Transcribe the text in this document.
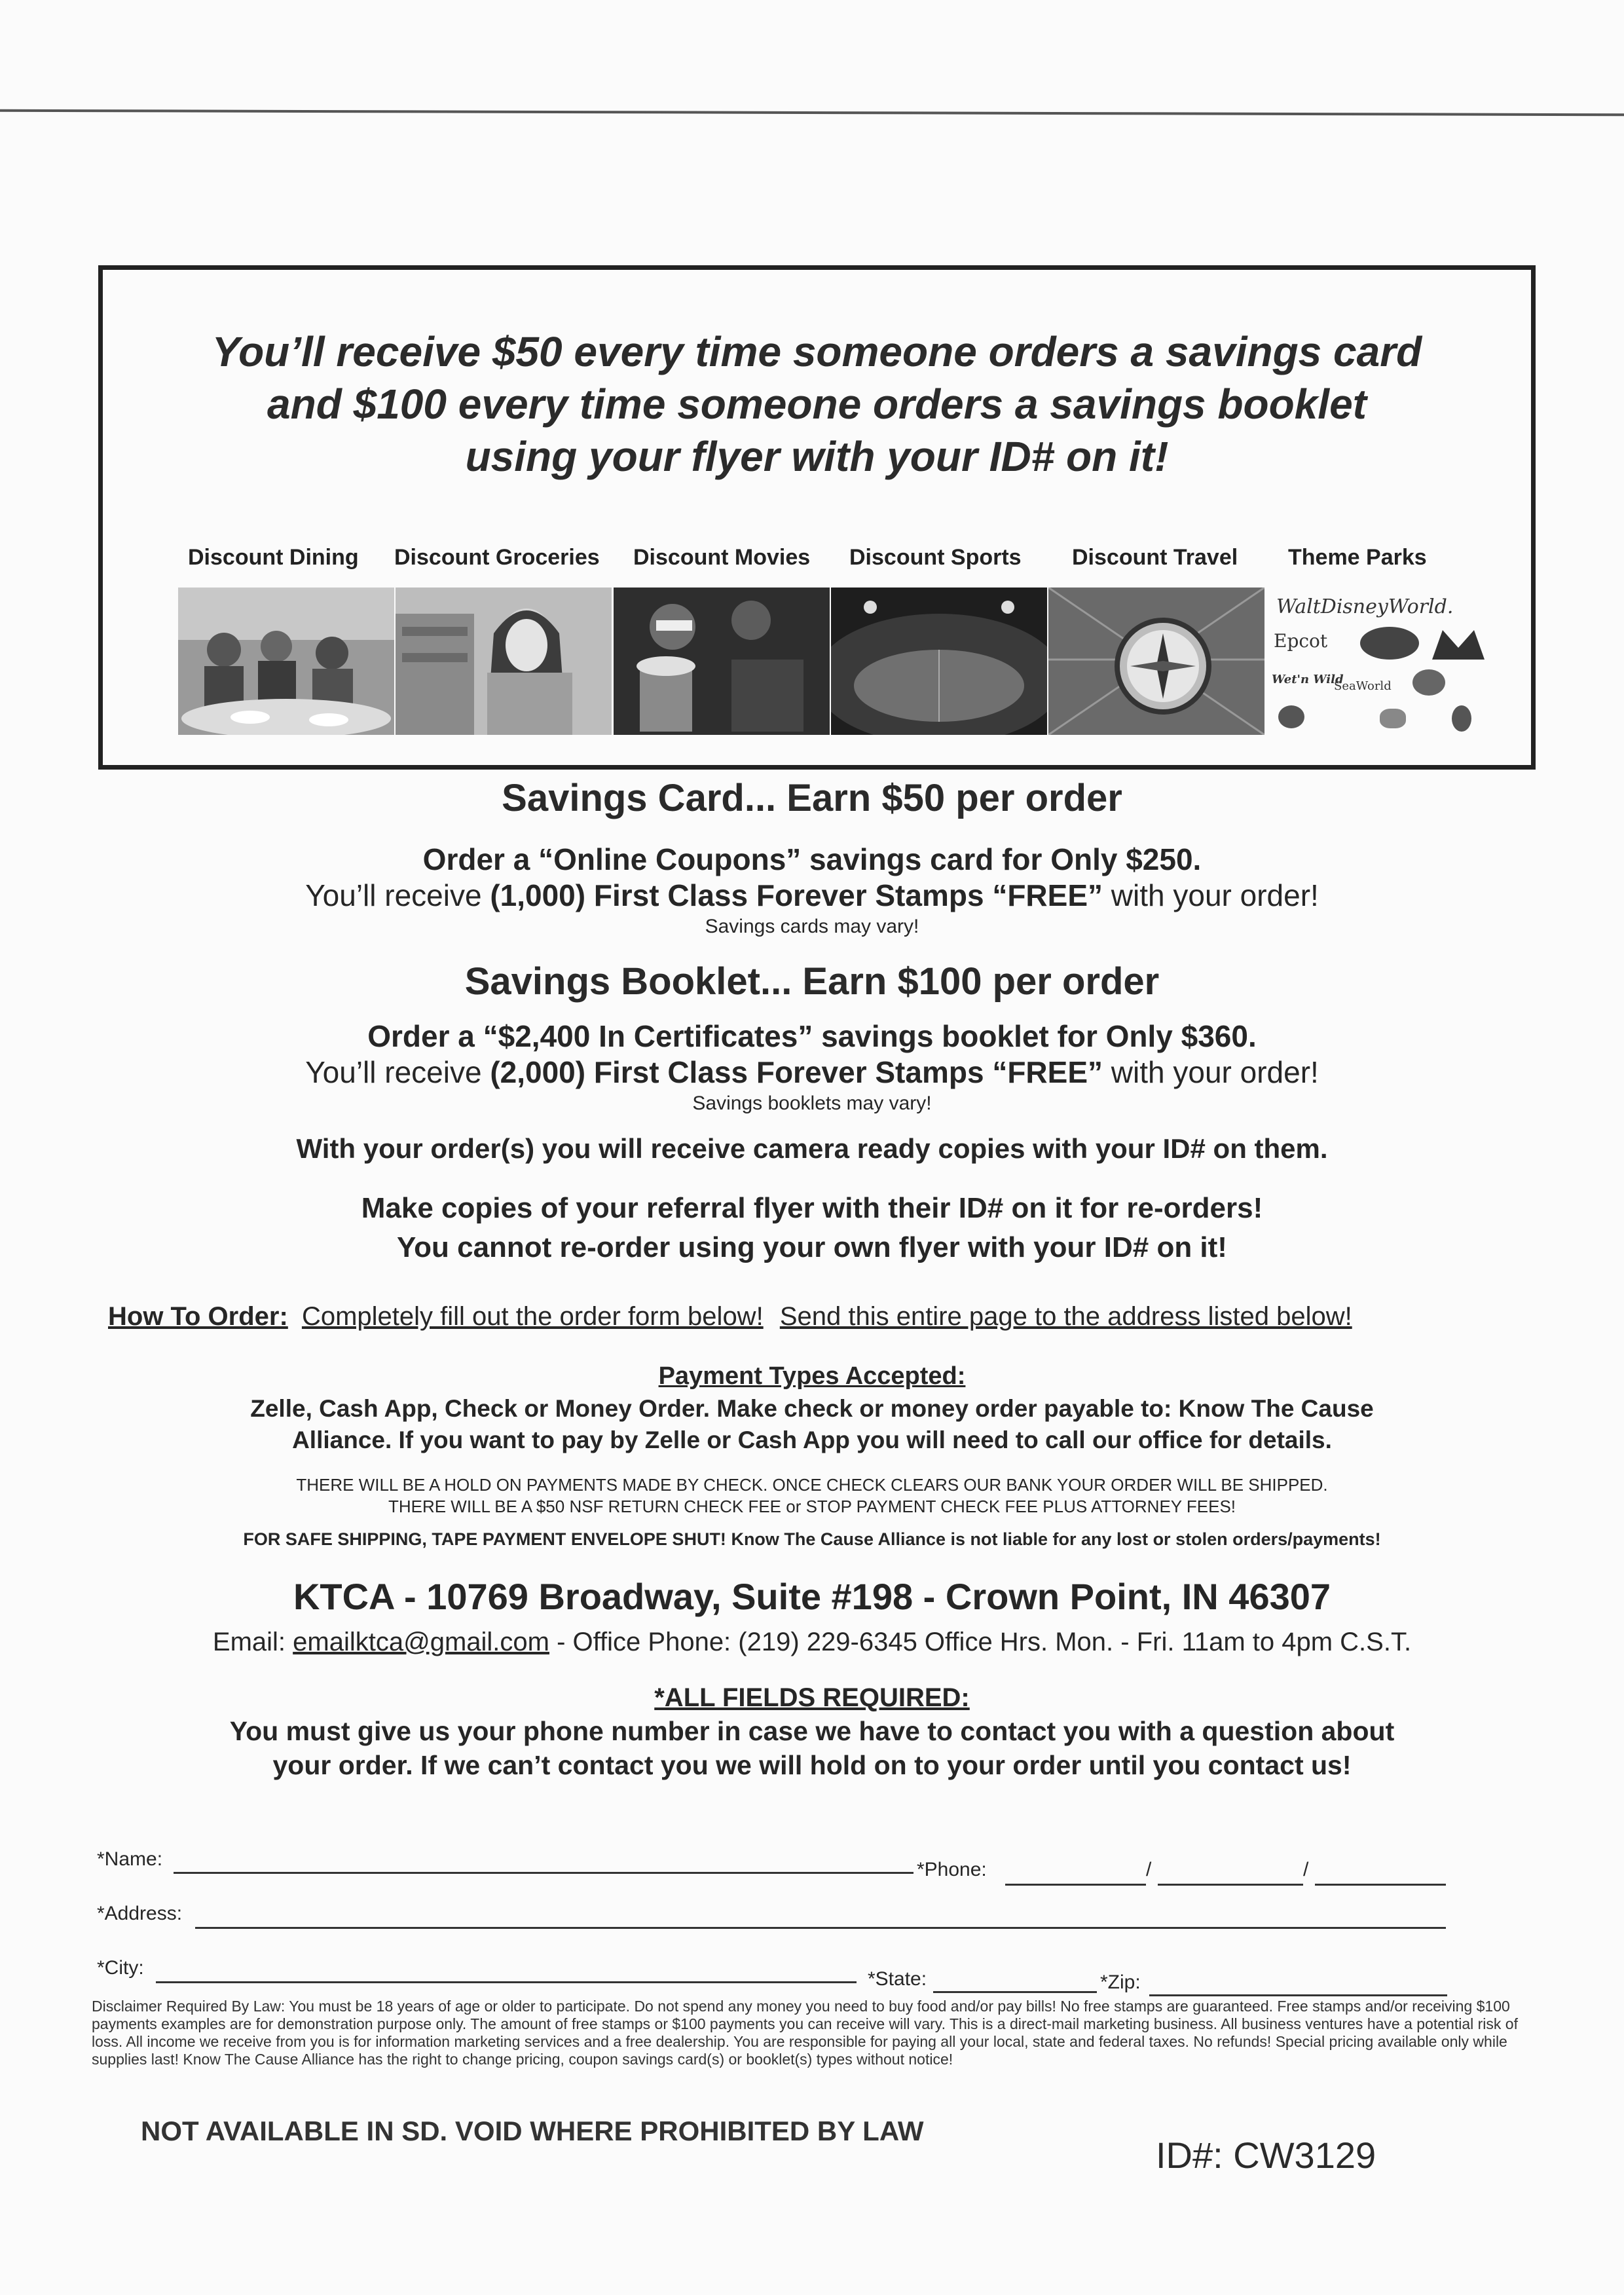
You’ll receive $50 every time someone orders a savings card
and $100 every time someone orders a savings booklet
using your flyer with your ID# on it!
Discount Dining Discount Groceries Discount Movies Discount Sports Discount Travel Theme Parks
WaltDisneyWorld.
Epcot
Wet'n Wild
SeaWorld
Savings Card... Earn $50 per order
Order a “Online Coupons” savings card for Only $250.
You’ll receive (1,000) First Class Forever Stamps “FREE” with your order!
Savings cards may vary!
Savings Booklet... Earn $100 per order
Order a “$2,400 In Certificates” savings booklet for Only $360.
You’ll receive (2,000) First Class Forever Stamps “FREE” with your order!
Savings booklets may vary!
With your order(s) you will receive camera ready copies with your ID# on them.
Make copies of your referral flyer with their ID# on it for re-orders!
You cannot re-order using your own flyer with your ID# on it!
How To Order: Completely fill out the order form below! Send this entire page to the address listed below!
Payment Types Accepted:
Zelle, Cash App, Check or Money Order. Make check or money order payable to: Know The Cause
Alliance. If you want to pay by Zelle or Cash App you will need to call our office for details.
THERE WILL BE A HOLD ON PAYMENTS MADE BY CHECK. ONCE CHECK CLEARS OUR BANK YOUR ORDER WILL BE SHIPPED.
THERE WILL BE A $50 NSF RETURN CHECK FEE or STOP PAYMENT CHECK FEE PLUS ATTORNEY FEES!
FOR SAFE SHIPPING, TAPE PAYMENT ENVELOPE SHUT! Know The Cause Alliance is not liable for any lost or stolen orders/payments!
KTCA - 10769 Broadway, Suite #198 - Crown Point, IN 46307
Email: emailktca@gmail.com - Office Phone: (219) 229-6345 Office Hrs. Mon. - Fri. 11am to 4pm C.S.T.
*ALL FIELDS REQUIRED:
You must give us your phone number in case we have to contact you with a question about
your order. If we can’t contact you we will hold on to your order until you contact us!
*Name:	*Phone:	/	/
*Address:
*City:
*State:	*Zip:
Disclaimer Required By Law: You must be 18 years of age or older to participate. Do not spend any money you need to buy food and/or pay bills! No free stamps are guaranteed. Free stamps and/or receiving $100 payments examples are for demonstration purpose only. The amount of free stamps or $100 payments you can receive will vary. This is a direct-mail marketing business. All business ventures have a potential risk of loss. All income we receive from you is for information marketing services and a free dealership. You are responsible for paying all your local, state and federal taxes. No refunds! Special pricing available only while supplies last! Know The Cause Alliance has the right to change pricing, coupon savings card(s) or booklet(s) types without notice!
NOT AVAILABLE IN SD. VOID WHERE PROHIBITED BY LAW
ID#: CW3129
